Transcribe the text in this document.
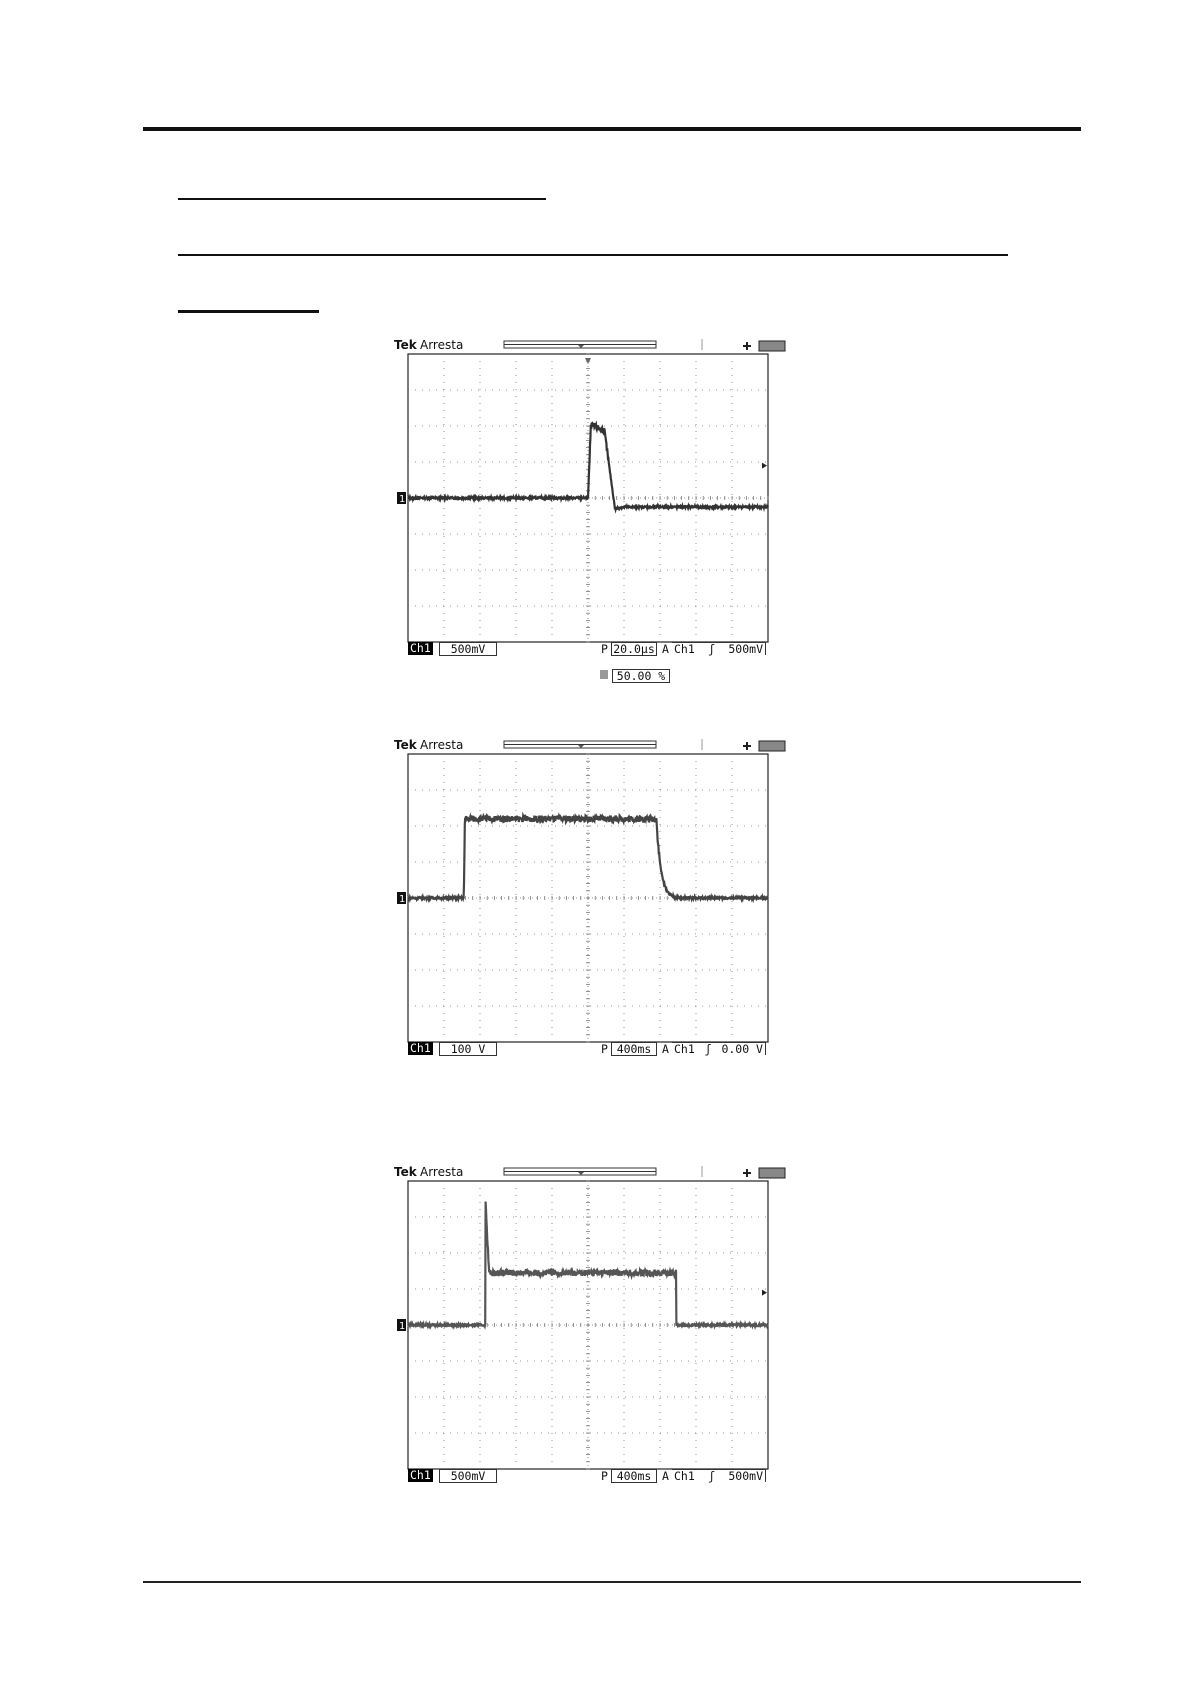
1
Tek Arresta
Ch1	500mV	P 20.0µs A Ch1 ʃ 500mV
50.00 %
1
Tek Arresta
Ch1	100 V	P 400ms A Ch1 ʃ 0.00 V
1
Tek Arresta
Ch1	500mV	P 400ms A Ch1 ʃ 500mV
